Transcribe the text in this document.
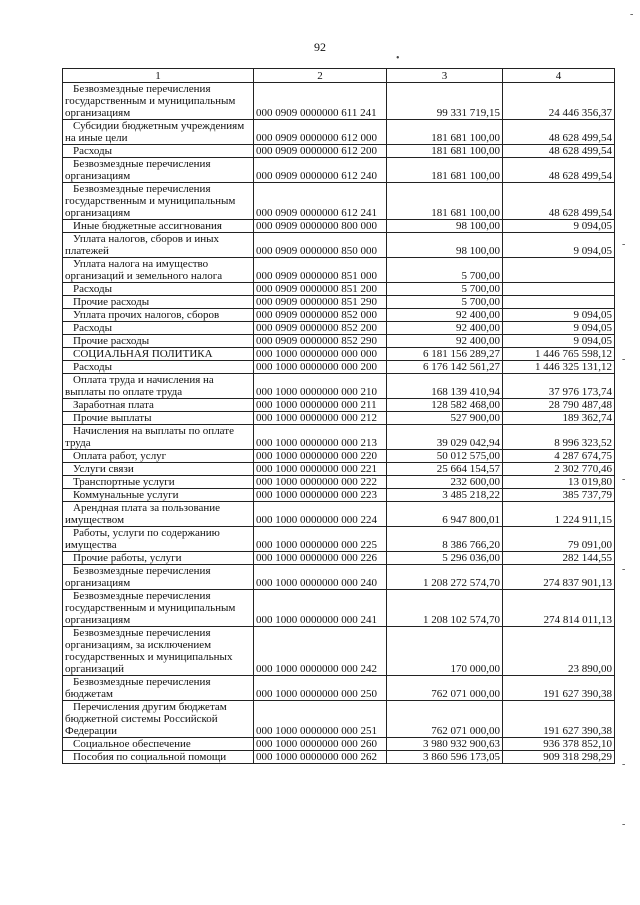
92
•
-
-
-
-
-
-
-
1	2	3	4
Безвозмездные перечисления государственным и муниципальным организациям	000 0909 0000000 611 241	99 331 719,15	24 446 356,37
Субсидии бюджетным учреждениям на иные цели	000 0909 0000000 612 000	181 681 100,00	48 628 499,54
Расходы	000 0909 0000000 612 200	181 681 100,00	48 628 499,54
Безвозмездные перечисления организациям	000 0909 0000000 612 240	181 681 100,00	48 628 499,54
Безвозмездные перечисления государственным и муниципальным организациям	000 0909 0000000 612 241	181 681 100,00	48 628 499,54
Иные бюджетные ассигнования	000 0909 0000000 800 000	98 100,00	9 094,05
Уплата налогов, сборов и иных платежей	000 0909 0000000 850 000	98 100,00	9 094,05
Уплата налога на имущество организаций и земельного налога	000 0909 0000000 851 000	5 700,00	
Расходы	000 0909 0000000 851 200	5 700,00	
Прочие расходы	000 0909 0000000 851 290	5 700,00	
Уплата прочих налогов, сборов	000 0909 0000000 852 000	92 400,00	9 094,05
Расходы	000 0909 0000000 852 200	92 400,00	9 094,05
Прочие расходы	000 0909 0000000 852 290	92 400,00	9 094,05
СОЦИАЛЬНАЯ ПОЛИТИКА	000 1000 0000000 000 000	6 181 156 289,27	1 446 765 598,12
Расходы	000 1000 0000000 000 200	6 176 142 561,27	1 446 325 131,12
Оплата труда и начисления на выплаты по оплате труда	000 1000 0000000 000 210	168 139 410,94	37 976 173,74
Заработная плата	000 1000 0000000 000 211	128 582 468,00	28 790 487,48
Прочие выплаты	000 1000 0000000 000 212	527 900,00	189 362,74
Начисления на выплаты по оплате труда	000 1000 0000000 000 213	39 029 042,94	8 996 323,52
Оплата работ, услуг	000 1000 0000000 000 220	50 012 575,00	4 287 674,75
Услуги связи	000 1000 0000000 000 221	25 664 154,57	2 302 770,46
Транспортные услуги	000 1000 0000000 000 222	232 600,00	13 019,80
Коммунальные услуги	000 1000 0000000 000 223	3 485 218,22	385 737,79
Арендная плата за пользование имуществом	000 1000 0000000 000 224	6 947 800,01	1 224 911,15
Работы, услуги по содержанию имущества	000 1000 0000000 000 225	8 386 766,20	79 091,00
Прочие работы, услуги	000 1000 0000000 000 226	5 296 036,00	282 144,55
Безвозмездные перечисления организациям	000 1000 0000000 000 240	1 208 272 574,70	274 837 901,13
Безвозмездные перечисления государственным и муниципальным организациям	000 1000 0000000 000 241	1 208 102 574,70	274 814 011,13
Безвозмездные перечисления организациям, за исключением государственных и муниципальных организаций	000 1000 0000000 000 242	170 000,00	23 890,00
Безвозмездные перечисления бюджетам	000 1000 0000000 000 250	762 071 000,00	191 627 390,38
Перечисления другим бюджетам бюджетной системы Российской Федерации	000 1000 0000000 000 251	762 071 000,00	191 627 390,38
Социальное обеспечение	000 1000 0000000 000 260	3 980 932 900,63	936 378 852,10
Пособия по социальной помощи	000 1000 0000000 000 262	3 860 596 173,05	909 318 298,29
